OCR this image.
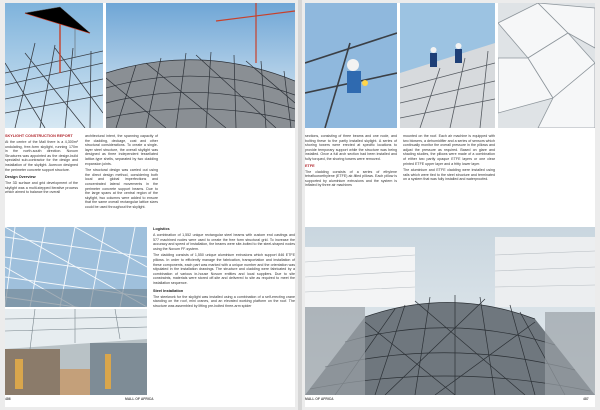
SKYLIGHT CONSTRUCTION REPORT

At the centre of the Mall there is a 4,300m² undulating, free-form skylight, running 170m in the north-south direction. Novum Structures was appointed as the design-build specialist sub-contractor for the design and installation of the skylight. Aurecon designed the perimeter concrete support structure.

Design Overview

The 3D surface and grid development of the skylight was a multi-stepped iterative process which aimed to balance the overall

architectural intent, the spanning capacity of the cladding, deckage, cost and other structural considerations. To create a single-layer steel structure, the overall skylight was designed as three independent tessellated lattice-type shells, separated by two cladding expansion joints.

The structural design was carried out using the direct design method, considering both local and global imperfections and concentrated lateral movements in the perimeter concrete support beams. Due to the large spans at the central region of the skylight, two columns were added to ensure that the same overall rectangular lattice sizes could be used throughout the skylight.

Logistics

A combination of 1,552 unique rectangular steel beams with custom end castings and 577 machined nodes were used to create the free form structural grid. To increase the accuracy and speed of installation, the beams were site-bolted to the steel-shaped nodes using the Novum FF-system.

The cladding consists of 1,550 unique aluminium extrusions which support 846 ETFE pillows. In order to efficiently manage the fabrication, transportation and installation of these components, each part was marked with a unique number and the orientation was stipulated in the installation drawings. The structure and cladding were fabricated by a combination of various in-house Novum entities and local suppliers. Due to site constraints, materials were stored off-site and delivered to site as required to meet the installation sequence.

Steel Installation

The steelwork for the skylight was installed using a combination of a self-erecting crane standing on the roof, mini cranes, and an elevated working platform on the roof. The structure was assembled by lifting pre-bolted three-arm spider

486	MALL OF AFRICA

sections, consisting of three beams and one node, and bolting these to the partly installed skylight. A series of shoring towers were erected at specific locations to provide temporary support while the structure was being installed. Once a full arch section had been installed and fully torqued, the shoring towers were removed.

ETFE

The cladding consists of a series of ethylene tetrafluoroethylene (ETFE) air-filled pillows. Each pillow is supported by aluminium extrusions and the system is inflated by three air machines

mounted on the roof. Each air machine is equipped with two blowers, a dehumidifier and a series of sensors which continually monitor the overall pressure in the pillows and adjust the pressure as required. Based on glare and shading studies, the pillows were made of a combination of either two partly opaque ETFE layers or one clear printed ETFE upper layer and a fritty lower layer.

The aluminium and ETFE cladding were installed using rails which were tied to the steel structure and terminated on a system that was fully installed and waterproofed.

MALL OF AFRICA	487
